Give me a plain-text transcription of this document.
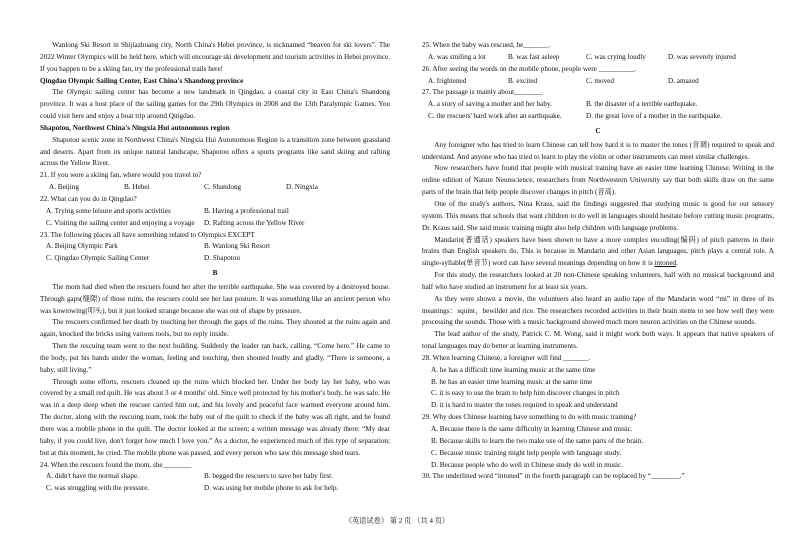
Wanlong Ski Resort in Shijiazhuang city, North China's Hebei province, is nicknamed “heaven for ski lovers”. The 2022 Winter Olympics will be held here, which will encourage ski development and tourism activities in Hebei province. If you happen to be a skiing fan, try the professional trails here!

Qingdao Olympic Sailing Center, East China's Shandong province

The Olympic sailing center has become a new landmark in Qingdao, a coastal city in East China's Shandong province. It was a host place of the sailing games for the 29th Olympics in 2008 and the 13th Paralympic Games. You could visit here and enjoy a boat trip around Qingdao.

Shapotou, Northwest China's Ningxia Hui autonomous region

Shapotou scenic zone in Northwest China's Ningxia Hui Autonomous Region is a transition zone between grassland and deserts. Apart from its unique natural landscape, Shapotou offers a sports programs like sand skiing and rafting across the Yellow River.

21. If you were a skiing fan, where would you travel to?
A. Beijing	B. Hebei	C. Shandong	D. Ningxia
22. What can you do in Qingdao?
A. Trying some leisure and sports activities	B. Having a professional trail
C. Visiting the sailing center and enjoying a voyage	D. Rafting across the Yellow River
23. The following places all have something related to Olympics EXCEPT
A. Beijing Olympic Park	B. Wanlong Ski Resort
C. Qingdao Olympic Sailing Center	D. Shapotou
B

The mom had died when the rescuers found her after the terrible earthquake. She was covered by a destroyed house. Through gaps(缝隙) of those ruins, the rescuers could see her last posture. It was something like an ancient person who was kowtowing(叩头), but it just looked strange because she was out of shape by pressure.

The rescuers confirmed her death by touching her through the gaps of the ruins. They shouted at the ruins again and again, knocked the bricks using various tools, but no reply inside.

Then the rescuing team went to the next building. Suddenly the leader ran back, calling, “Come here.” He came to the body, put his hands under the woman, feeling and touching, then shouted loudly and gladly, “There is someone, a baby, still living.”

Through some efforts, rescuers cleaned up the ruins which blocked her. Under her body lay her baby, who was covered by a small red quilt. He was about 3 or 4 months' old. Since well protected by his mother's body, he was safe. He was in a deep sleep when the rescuer carried him out, and his lovely and peaceful face warmed everyone around him. The doctor, along with the rescuing team, took the baby out of the quilt to check if the baby was all right, and he found there was a mobile phone in the quilt. The doctor looked at the screen; a written message was already there: “My dear baby, if you could live, don't forget how much I love you.” As a doctor, he experienced much of this type of separation; but at this moment, he cried. The mobile phone was passed, and every person who saw this message shed tears.

24. When the rescuers found the mom, she________
A. didn't have the normal shape.	B. begged the rescuers to save her baby first.
C. was struggling with the pressure.	D. was using her mobile phone to ask for help.
25. When the baby was rescued, he_______.
A. was smiling a lot	B. was fast asleep	C. was crying loudly	D. was severely injured
26. After seeing the words on the mobile phone, people were __________.
A. frightened	B. excited	C. moved	D. amazed
27. The passage is mainly about________
A. a story of saving a mother and her baby.	B. the disaster of a terrible earthquake.
C. the rescuers' hard work after an earthquake.	D. the great love of a mother in the earthquake.
C

Any foreigner who has tried to learn Chinese can tell how hard it is to master the tones (音调) required to speak and understand. And anyone who has tried to learn to play the violin or other instruments can meet similar challenges.

Now researchers have found that people with musical training have an easier time learning Chinese. Writing in the online edition of Nature Neunscience, researchers from Northwestern University say that both skills draw on the same parts of the brain that help people discover changes in pitch (音高).

One of the study's authors, Nina Kraus, said the findings suggested that studying music is good for our sensory system. This means that schools that want children to do well in languages should hesitate before cutting music programs, Dr. Kraus said. She said music training might also help children with language problems.

Mandarin(普通话) speakers have been shown to have a more complex encoding(编码) of pitch patterns in their brains than English speakers do. This is because in Mandarin and other Asian languages, pitch plays a central role. A single-syllable(单音节) word can have several meanings depending on how it is intoned.

For this study, the researchers looked at 20 non-Chinese speaking volunteers, half with no musical background and half who have studied an instrument for at least six years.

As they were shown a movie, the volunteers also heard an audio tape of the Mandarin word “mi” in three of its meanings：squint，bewilder and rice. The researchers recorded activities in their brain stems to see how well they were processing the sounds. Those with a music background showed much more neuron activities on the Chinese sounds.

The lead author of the study, Patrick C. M. Wong, said it might work both ways. It appears that native speakers of tonal languages may do better at learning instruments.

28. When learning Chinese, a foreigner will find _______.
A. he has a difficult time learning music at the same time
B. he has an easier time learning music at the same time
C. it is easy to use the brain to help him discover changes in pitch
D. it is hard to master the tones required to speak and understand
29. Why does Chinese learning have something to do with music training?
A. Because there is the same difficulty in learning Chinese and music.
B. Because skills to learn the two make use of the same parts of the brain.
C. Because music training might help people with language study.
D. Because people who do well in Chinese study do well in music.
30. The underlined word “intoned” in the fourth paragraph can be replaced by “________.”
《英语试卷》 第 2 页 （共 4 页）
